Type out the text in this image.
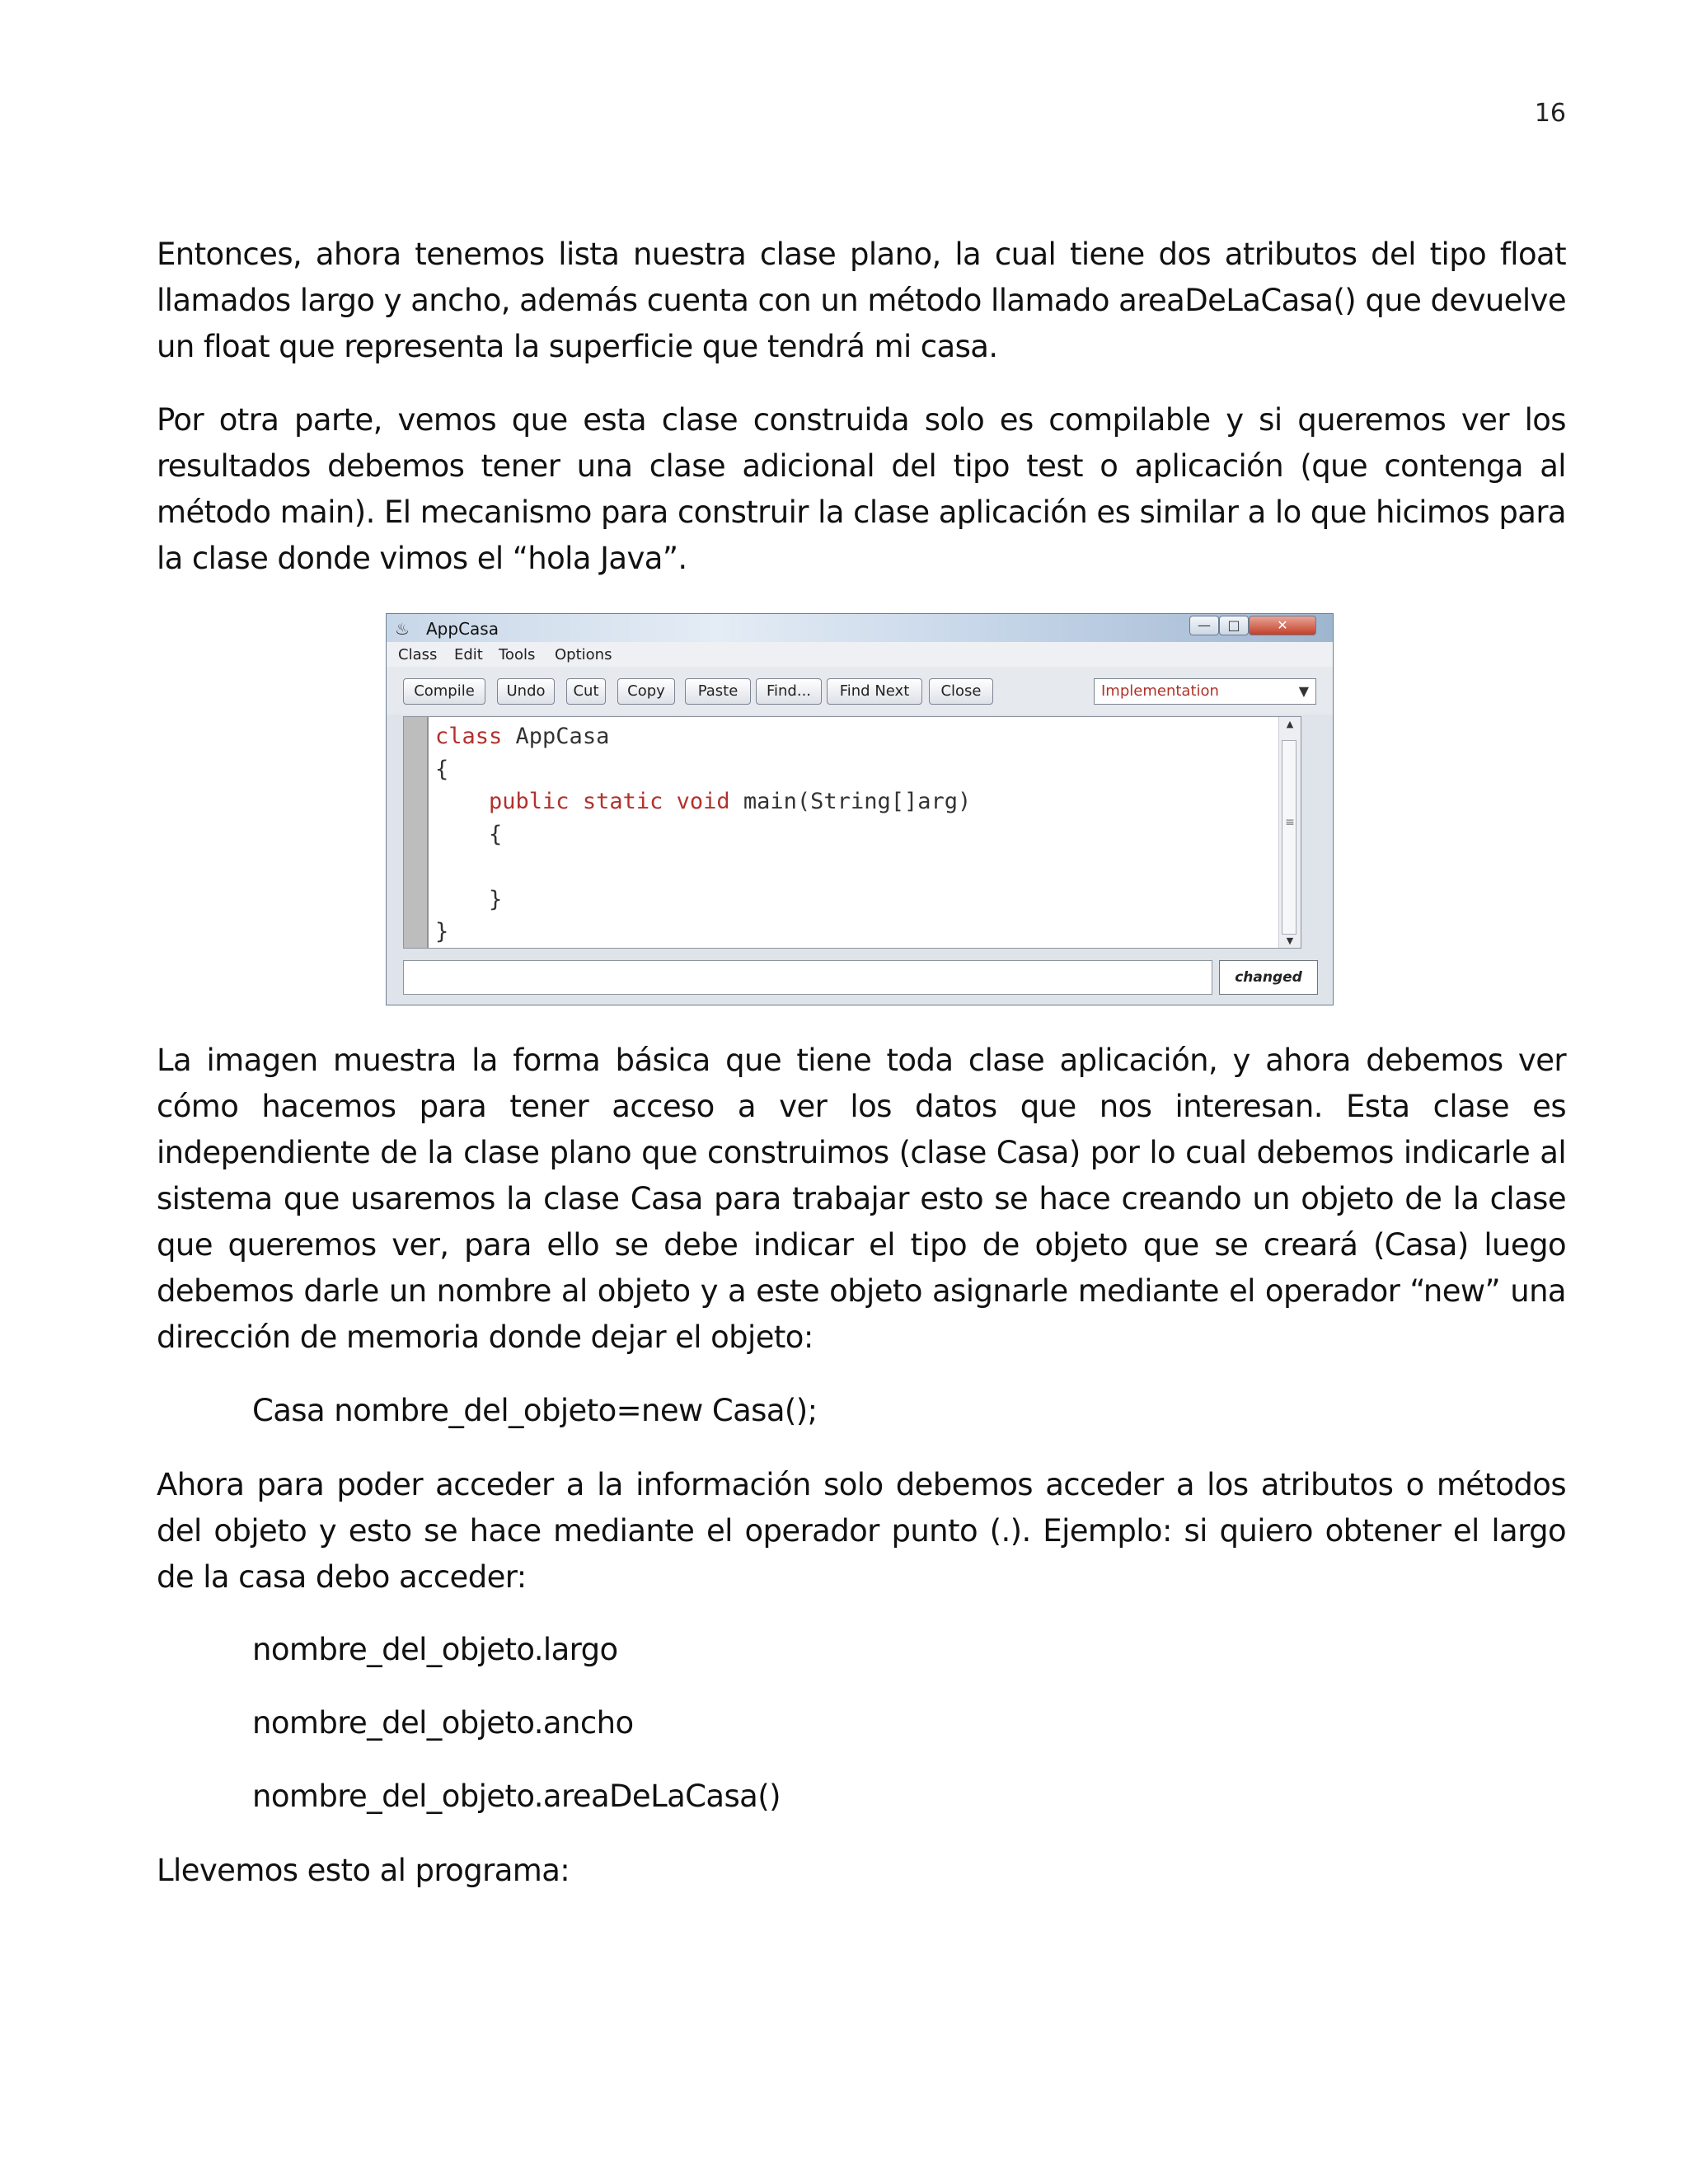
16

Entonces, ahora tenemos lista nuestra clase plano, la cual tiene dos atributos del tipo float llamados largo y ancho, además cuenta con un método llamado areaDeLaCasa() que devuelve un float que representa la superficie que tendrá mi casa.

Por otra parte, vemos que esta clase construida solo es compilable y si queremos ver los resultados debemos tener una clase adicional del tipo test o aplicación (que contenga al método main). El mecanismo para construir la clase aplicación es similar a lo que hicimos para la clase donde vimos el “hola Java”.

♨ AppCasa	—	□	✕
Class Edit Tools Options
Compile	Undo	Cut	Copy	Paste	Find...	Find Next	Close	Implementation	▼
class AppCasa
{
public static void main(String[]arg)
{

}
}
▲
≡
▼
changed

La imagen muestra la forma básica que tiene toda clase aplicación, y ahora debemos ver cómo hacemos para tener acceso a ver los datos que nos interesan. Esta clase es independiente de la clase plano que construimos (clase Casa) por lo cual debemos indicarle al sistema que usaremos la clase Casa para trabajar esto se hace creando un objeto de la clase que queremos ver, para ello se debe indicar el tipo de objeto que se creará (Casa) luego debemos darle un nombre al objeto y a este objeto asignarle mediante el operador “new” una dirección de memoria donde dejar el objeto:

Casa nombre_del_objeto=new Casa();

Ahora para poder acceder a la información solo debemos acceder a los atributos o métodos del objeto y esto se hace mediante el operador punto (.). Ejemplo: si quiero obtener el largo de la casa debo acceder:

nombre_del_objeto.largo

nombre_del_objeto.ancho

nombre_del_objeto.areaDeLaCasa()

Llevemos esto al programa:
